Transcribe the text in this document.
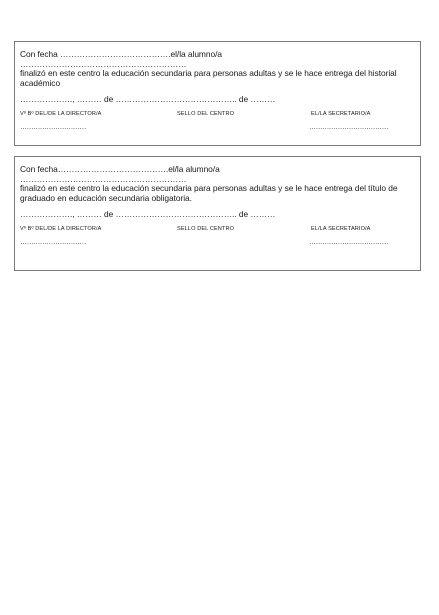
Con fecha ………………………………….el/la alumno/a
……………………………………………………
finalizó en este centro la educación secundaria para personas adultas y se le hace entrega del historial académico
………………., ……… de …………………………………….. de ………
Vº Bº DEL/DE LA DIRECTOR/A	SELLO DEL CENTRO	EL/LA SECRETARIO/A
…………………………	………………………………
Con fecha………………………………….el/la alumno/a
……………………………………………………
finalizó en este centro la educación secundaria para personas adultas y se le hace entrega del título de graduado en educación secundaria obligatoria.
………………., ……… de …………………………………….. de ………
Vº Bº DEL/DE LA DIRECTOR/A	SELLO DEL CENTRO	EL/LA SECRETARIO/A
…………………………	………………………………
